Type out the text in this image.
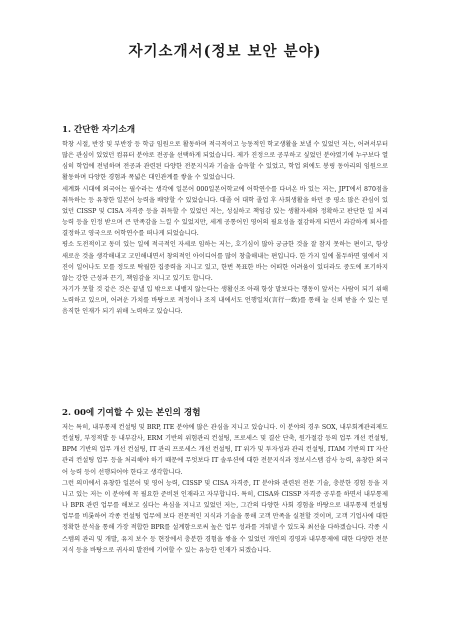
자기소개서(정보 보안 분야)
1. 간단한 자기소개

학창 시절, 반장 및 부반장 등 학급 임원으로 활동하며 적극적이고 능동적인 학교생활을 보낼 수 있었던 저는, 어려서부터 많은 관심이 있었던 컴퓨터 분야로 전공을 선택하게 되었습니다. 제가 진정으로 공부하고 싶었던 분야였기에 누구보다 열심히 학업에 전념하며 전공과 관련된 다양한 전문지식과 기술을 습득할 수 있었고, 학업 외에도 봉링 동아리의 임원으로 활동하며 다양한 경험과 폭넓은 대인관계를 쌓을 수 있었습니다.

세계화 시대에 외국어는 필수라는 생각에 일본어 000일본어학교에 어학연수를 다녀온 바 있는 저는, JPT에서 870점을 취득하는 등 유창한 일본어 능력을 배양할 수 있었습니다. 대졸 어 대학 졸업 후 사회생활을 하던 중 평소 많은 관심이 있었던 CISSP 및 CISA 자격증 등을 취득할 수 있었던 저는, 성실하고 책임감 있는 생활자세와 정확하고 판단한 일 처리 능력 등을 인정 받으며 큰 만족감을 느낄 수 있었지만, 세계 공통어인 영어의 필요성을 절감하게 되면서 과감하게 퇴사를 결정하고 영국으로 어학연수를 떠나게 되었습니다.

평소 도전적이고 동미 있는 일에 적극적인 자세로 임하는 저는, 호기심이 많아 궁금한 것을 잘 참지 못하는 편이고, 항상 새로운 것을 생각해내고 고민해내면서 창의적인 아이디어를 많이 창출해내는 편입니다. 한 가지 일에 몰두하면 옆에서 지진이 일어나도 모를 정도로 탁월한 집중력을 지니고 있고, 한번 목표한 바는 어떠한 어려움이 있더라도 중도에 포기하지 않는 강한 근성과 끈기, 책임감을 지니고 있기도 합니다.

자기가 못할 것 같은 것은 끝낼 입 밖으로 내뱉지 않는다는 생활신조 아래 항상 말보다는 행동이 앞서는 사람이 되기 위해 노력하고 있으며, 어려운 가치를 바탕으로 적정이나 조직 내에서도 언행일치(言行一致)를 통해 늘 신뢰 받을 수 있는 믿음직한 인재가 되기 위해 노력하고 있습니다.

2. 00에 기여할 수 있는 본인의 경험

저는 특히, 내부통제 컨설팅 및 BRP, ITE 분야에 많은 관심을 지니고 있습니다. 이 분야의 경우 SOX, 내부회계관리제도 컨설팅, 부정적발 등 내부감사, ERM 기반의 위험관리 컨설팅, 프로세스 및 결산 단축, 원가절감 등의 업무 개선 컨설팅, BPM 기반의 업무 개선 컨설팅, IT 관리 프로세스 개선 컨설팅, IT 위가 및 투자성과 관리 컨설팅, ITAM 기반의 IT 자산관리 컨설팅 업무 등을 처리해야 하기 때문에 무엇보다 IT 솔루션에 대한 전문지식과 정보시스템 감사 능력, 유창한 외국어 능력 등이 선행되어야 한다고 생각합니다.

그런 의미에서 유창한 일본어 및 영어 능력, CISSP 및 CISA 자격증, IT 분야와 관련된 전문 기술, 충분한 경험 등을 지니고 있는 저는 이 분야에 꼭 필요한 준비된 인재라고 자부합니다. 특히, CISA와 CISSP 자격증 공부를 하면서 내부통제나 BPR 관련 업무를 해보고 싶다는 욕심을 지니고 있었던 저는, 그간의 다양한 사회 경험을 바탕으로 내부통제 컨설팅 업무를 비롯하여 각종 컨설팅 업무에 보다 전문적인 지식과 기술을 통해 고객 만족을 실천할 것이며, 고객 기업사에 대한 정확한 분석을 통해 가장 적합한 BPR를 설계함으로써 높은 업무 성과를 거둬낼 수 있도록 최선을 다하겠습니다. 각종 시스템의 관리 및 개발, 유지 보수 등 현장에서 충분한 경험을 쌓을 수 있었던 개인의 경영과 내부통제에 대한 다양한 전문지식 등을 바탕으로 귀사의 발전에 기여할 수 있는 유능한 인재가 되겠습니다.
